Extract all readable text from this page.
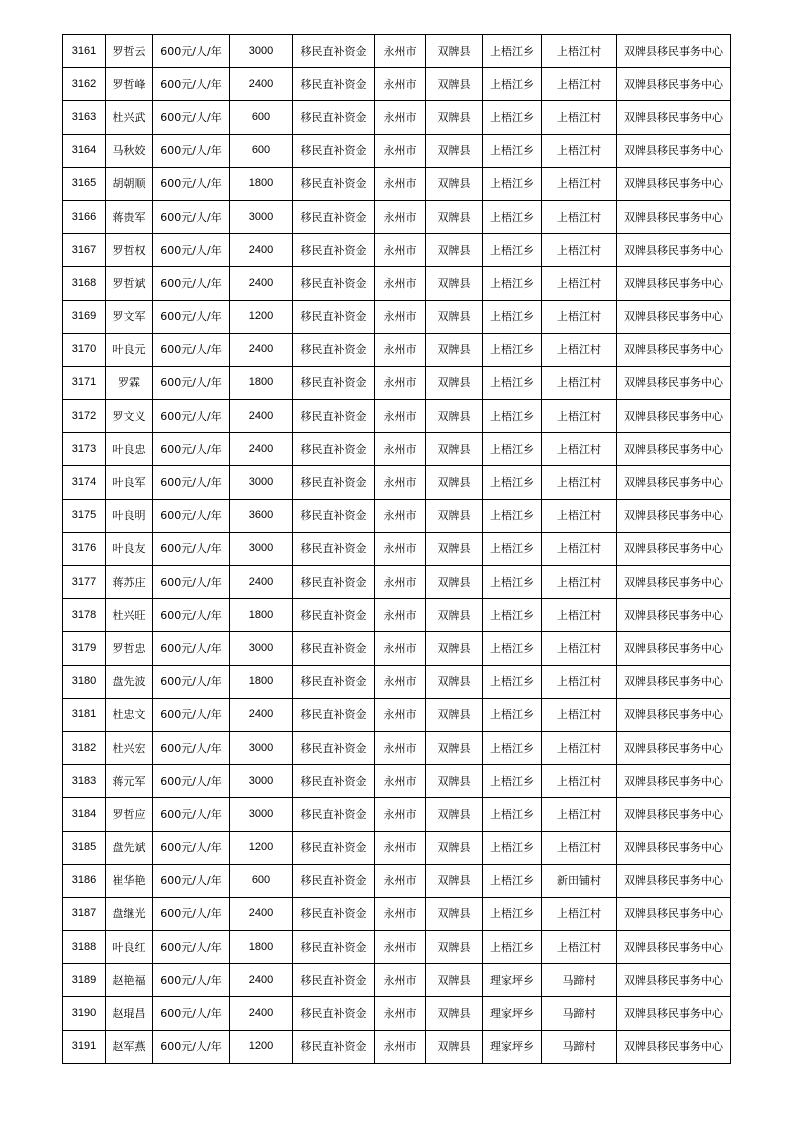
3161	罗哲云	600元/人/年	3000	移民直补资金	永州市	双牌县	上梧江乡	上梧江村	双牌县移民事务中心
3162	罗哲峰	600元/人/年	2400	移民直补资金	永州市	双牌县	上梧江乡	上梧江村	双牌县移民事务中心
3163	杜兴武	600元/人/年	600	移民直补资金	永州市	双牌县	上梧江乡	上梧江村	双牌县移民事务中心
3164	马秋姣	600元/人/年	600	移民直补资金	永州市	双牌县	上梧江乡	上梧江村	双牌县移民事务中心
3165	胡朝顺	600元/人/年	1800	移民直补资金	永州市	双牌县	上梧江乡	上梧江村	双牌县移民事务中心
3166	蒋贵军	600元/人/年	3000	移民直补资金	永州市	双牌县	上梧江乡	上梧江村	双牌县移民事务中心
3167	罗哲权	600元/人/年	2400	移民直补资金	永州市	双牌县	上梧江乡	上梧江村	双牌县移民事务中心
3168	罗哲斌	600元/人/年	2400	移民直补资金	永州市	双牌县	上梧江乡	上梧江村	双牌县移民事务中心
3169	罗文军	600元/人/年	1200	移民直补资金	永州市	双牌县	上梧江乡	上梧江村	双牌县移民事务中心
3170	叶良元	600元/人/年	2400	移民直补资金	永州市	双牌县	上梧江乡	上梧江村	双牌县移民事务中心
3171	罗霖	600元/人/年	1800	移民直补资金	永州市	双牌县	上梧江乡	上梧江村	双牌县移民事务中心
3172	罗文义	600元/人/年	2400	移民直补资金	永州市	双牌县	上梧江乡	上梧江村	双牌县移民事务中心
3173	叶良忠	600元/人/年	2400	移民直补资金	永州市	双牌县	上梧江乡	上梧江村	双牌县移民事务中心
3174	叶良军	600元/人/年	3000	移民直补资金	永州市	双牌县	上梧江乡	上梧江村	双牌县移民事务中心
3175	叶良明	600元/人/年	3600	移民直补资金	永州市	双牌县	上梧江乡	上梧江村	双牌县移民事务中心
3176	叶良友	600元/人/年	3000	移民直补资金	永州市	双牌县	上梧江乡	上梧江村	双牌县移民事务中心
3177	蒋苏庄	600元/人/年	2400	移民直补资金	永州市	双牌县	上梧江乡	上梧江村	双牌县移民事务中心
3178	杜兴旺	600元/人/年	1800	移民直补资金	永州市	双牌县	上梧江乡	上梧江村	双牌县移民事务中心
3179	罗哲忠	600元/人/年	3000	移民直补资金	永州市	双牌县	上梧江乡	上梧江村	双牌县移民事务中心
3180	盘先波	600元/人/年	1800	移民直补资金	永州市	双牌县	上梧江乡	上梧江村	双牌县移民事务中心
3181	杜忠文	600元/人/年	2400	移民直补资金	永州市	双牌县	上梧江乡	上梧江村	双牌县移民事务中心
3182	杜兴宏	600元/人/年	3000	移民直补资金	永州市	双牌县	上梧江乡	上梧江村	双牌县移民事务中心
3183	蒋元军	600元/人/年	3000	移民直补资金	永州市	双牌县	上梧江乡	上梧江村	双牌县移民事务中心
3184	罗哲应	600元/人/年	3000	移民直补资金	永州市	双牌县	上梧江乡	上梧江村	双牌县移民事务中心
3185	盘先斌	600元/人/年	1200	移民直补资金	永州市	双牌县	上梧江乡	上梧江村	双牌县移民事务中心
3186	崔华艳	600元/人/年	600	移民直补资金	永州市	双牌县	上梧江乡	新田铺村	双牌县移民事务中心
3187	盘继光	600元/人/年	2400	移民直补资金	永州市	双牌县	上梧江乡	上梧江村	双牌县移民事务中心
3188	叶良红	600元/人/年	1800	移民直补资金	永州市	双牌县	上梧江乡	上梧江村	双牌县移民事务中心
3189	赵艳福	600元/人/年	2400	移民直补资金	永州市	双牌县	理家坪乡	马蹄村	双牌县移民事务中心
3190	赵琨昌	600元/人/年	2400	移民直补资金	永州市	双牌县	理家坪乡	马蹄村	双牌县移民事务中心
3191	赵军燕	600元/人/年	1200	移民直补资金	永州市	双牌县	理家坪乡	马蹄村	双牌县移民事务中心
